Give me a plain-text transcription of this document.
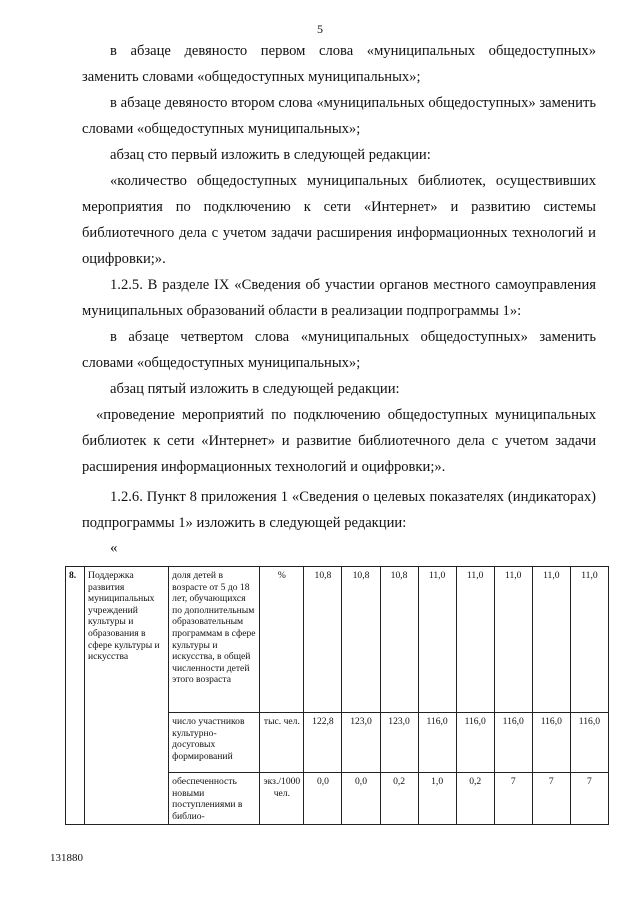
5

в абзаце девяносто первом слова «муниципальных общедоступных» заменить словами «общедоступных муниципальных»;

в абзаце девяносто втором слова «муниципальных общедоступных» заменить словами «общедоступных муниципальных»;

абзац сто первый изложить в следующей редакции:

«количество общедоступных муниципальных библиотек, осуществивших мероприятия по подключению к сети «Интернет» и развитию системы библиотечного дела с учетом задачи расширения информационных технологий и оцифровки;».

1.2.5. В разделе IX «Сведения об участии органов местного самоуправления муниципальных образований области в реализации подпрограммы 1»:

в абзаце четвертом слова «муниципальных общедоступных» заменить словами «общедоступных муниципальных»;

абзац пятый изложить в следующей редакции:

«проведение мероприятий по подключению общедоступных муниципальных библиотек к сети «Интернет» и развитие библиотечного дела с учетом задачи расширения информационных технологий и оцифровки;».

1.2.6. Пункт 8 приложения 1 «Сведения о целевых показателях (индикаторах) подпрограммы 1» изложить в следующей редакции:

«
8.	Поддержка развития муниципальных учреждений культуры и образования в сфере культуры и искусства	доля детей в возрасте от 5 до 18 лет, обучающихся по дополнительным образовательным программам в сфере культуры и искусства, в общей численности детей этого возраста	%	10,8	10,8	10,8	11,0	11,0	11,0	11,0	11,0
		число участников культурно-досуговых формирований	тыс. чел.	122,8	123,0	123,0	116,0	116,0	116,0	116,0	116,0
		обеспеченность новыми поступлениями в библио-	экз./1000 чел.	0,0	0,0	0,2	1,0	0,2	7	7	7
131880
